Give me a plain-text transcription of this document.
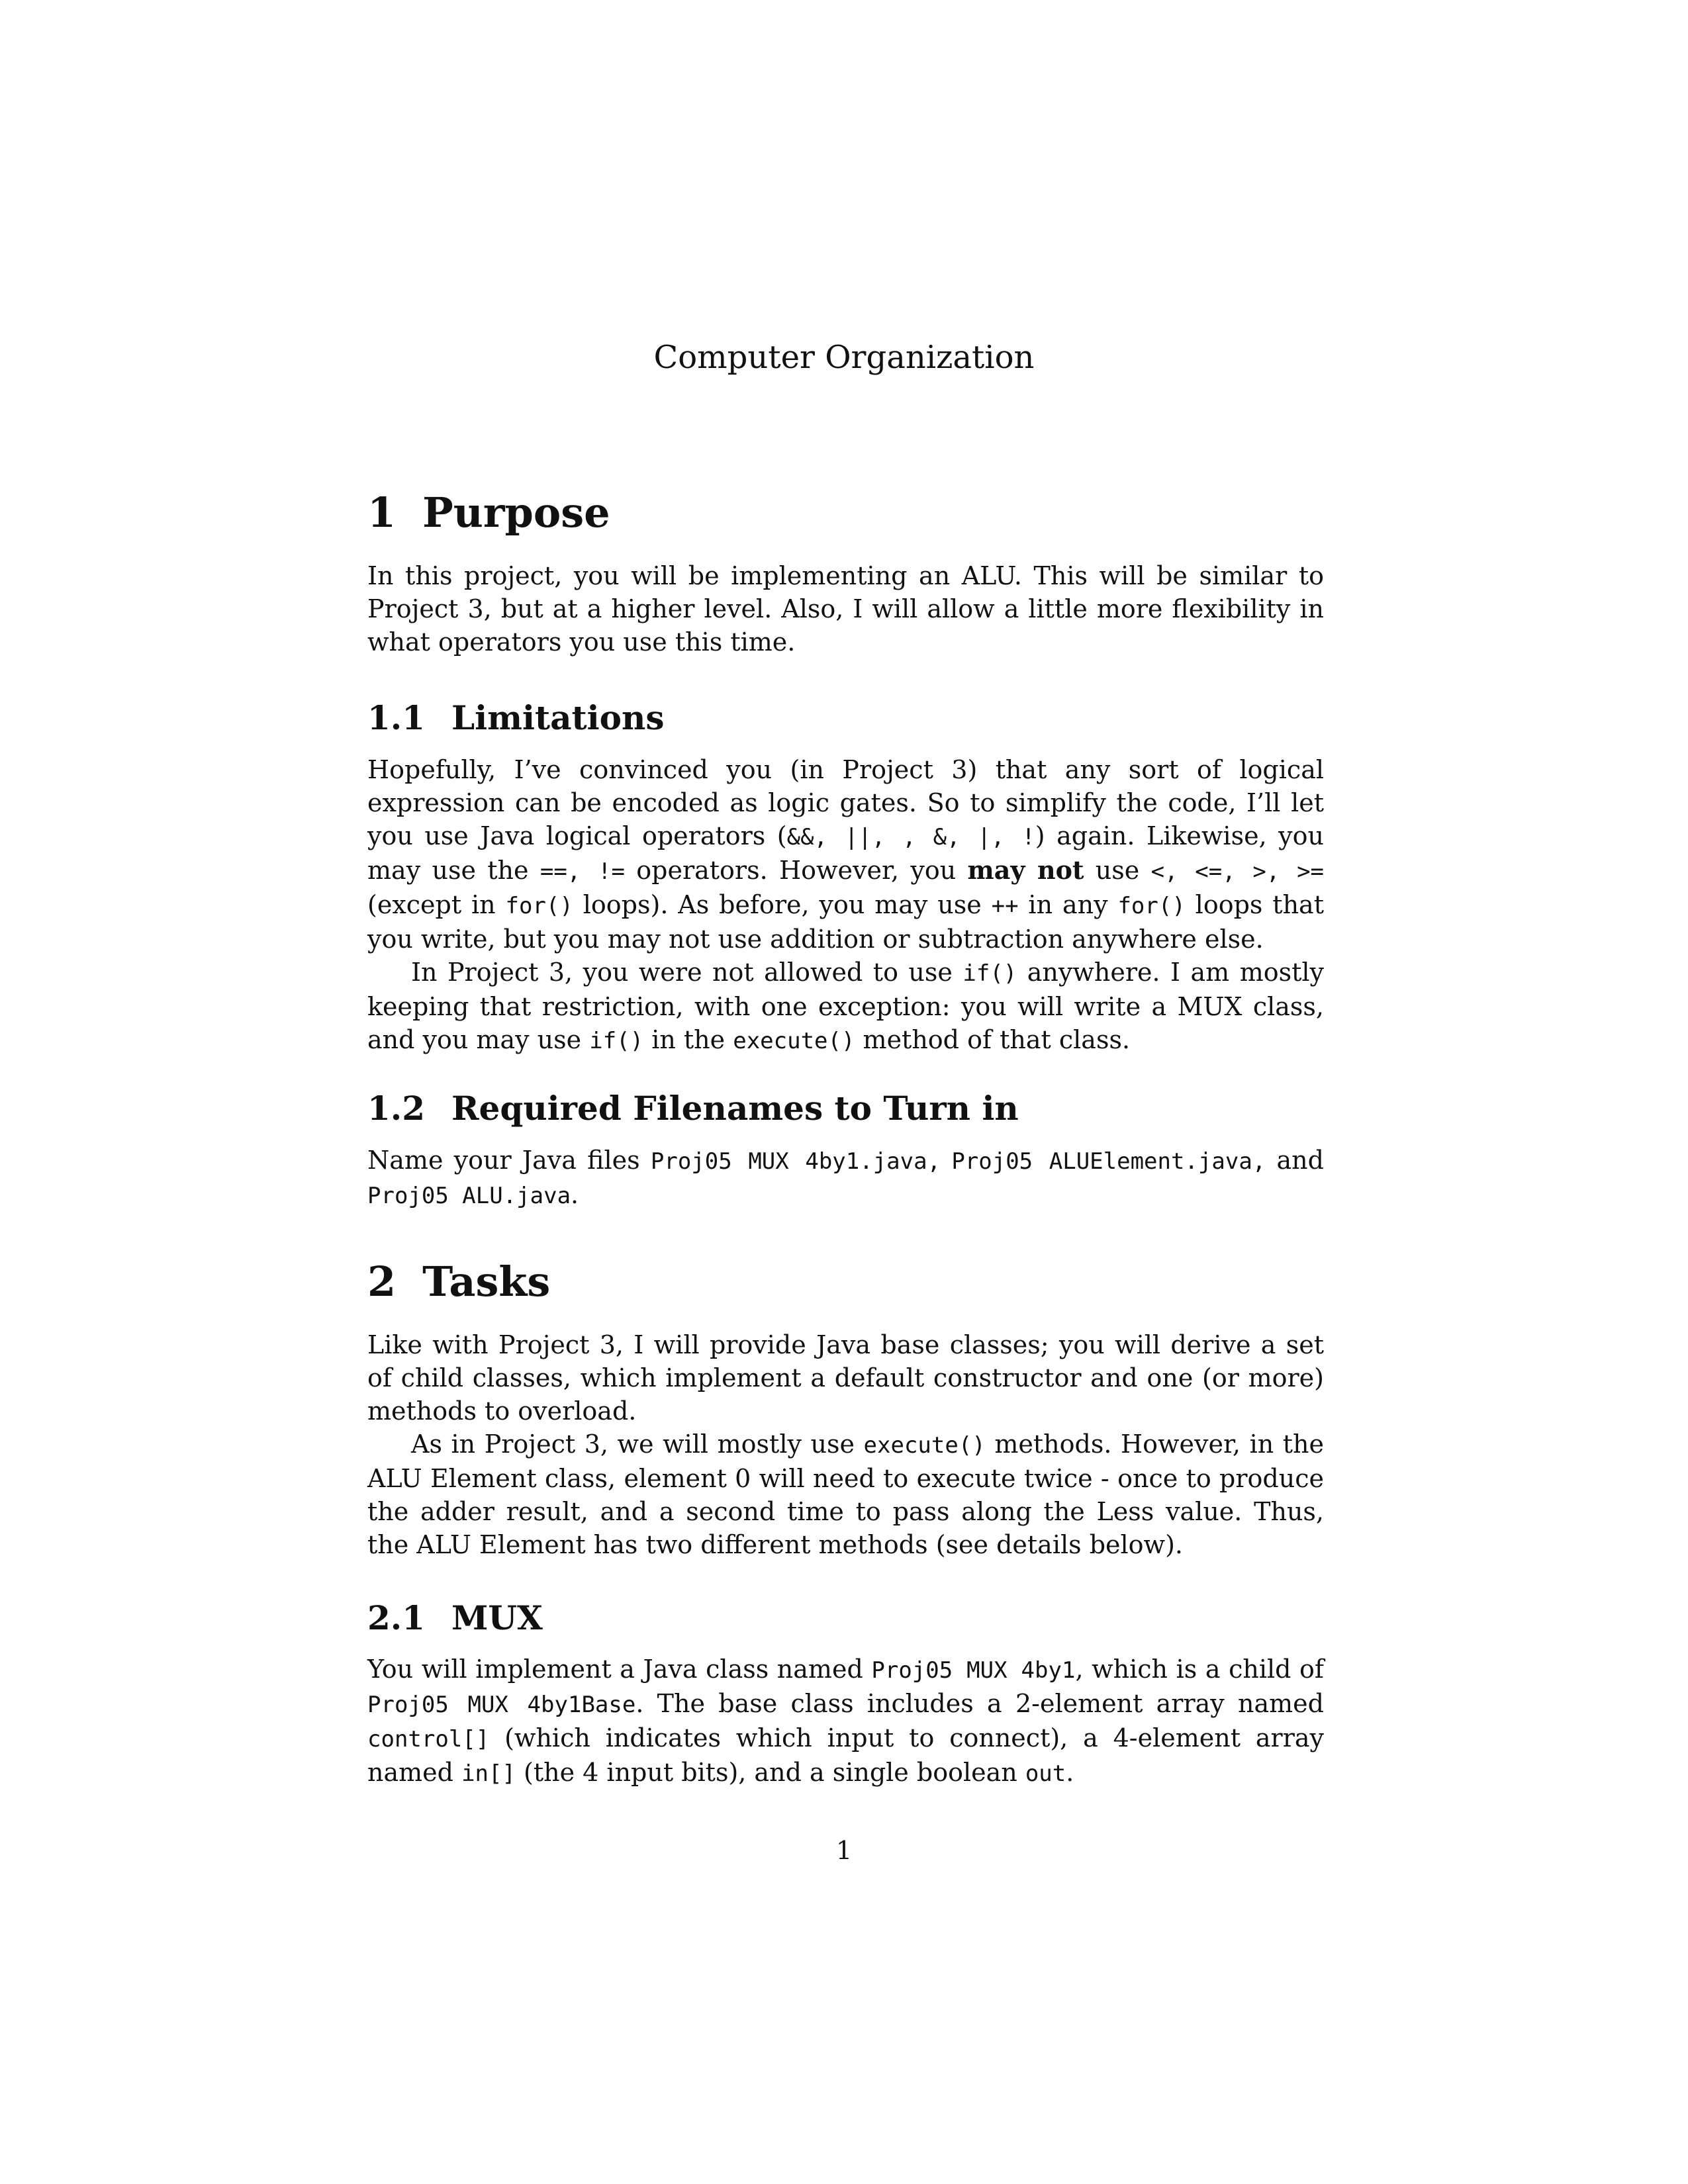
Computer Organization
1 Purpose

In this project, you will be implementing an ALU. This will be similar to Project 3, but at a higher level. Also, I will allow a little more flexibility in what operators you use this time.

1.1 Limitations

Hopefully, I’ve convinced you (in Project 3) that any sort of logical expression can be encoded as logic gates. So to simplify the code, I’ll let you use Java logical operators (&&, ||, , &, |, !) again. Likewise, you may use the ==, != operators. However, you may not use <, <=, >, >= (except in for() loops). As before, you may use ++ in any for() loops that you write, but you may not use addition or subtraction anywhere else.

In Project 3, you were not allowed to use if() anywhere. I am mostly keeping that restriction, with one exception: you will write a MUX class, and you may use if() in the execute() method of that class.

1.2 Required Filenames to Turn in

Name your Java files Proj05 MUX 4by1.java, Proj05 ALUElement.java, and Proj05 ALU.java.

2 Tasks

Like with Project 3, I will provide Java base classes; you will derive a set of child classes, which implement a default constructor and one (or more) methods to overload.

As in Project 3, we will mostly use execute() methods. However, in the ALU Element class, element 0 will need to execute twice - once to produce the adder result, and a second time to pass along the Less value. Thus, the ALU Element has two different methods (see details below).

2.1 MUX

You will implement a Java class named Proj05 MUX 4by1, which is a child of Proj05 MUX 4by1Base. The base class includes a 2-element array named control[] (which indicates which input to connect), a 4-element array named in[] (the 4 input bits), and a single boolean out.

1
